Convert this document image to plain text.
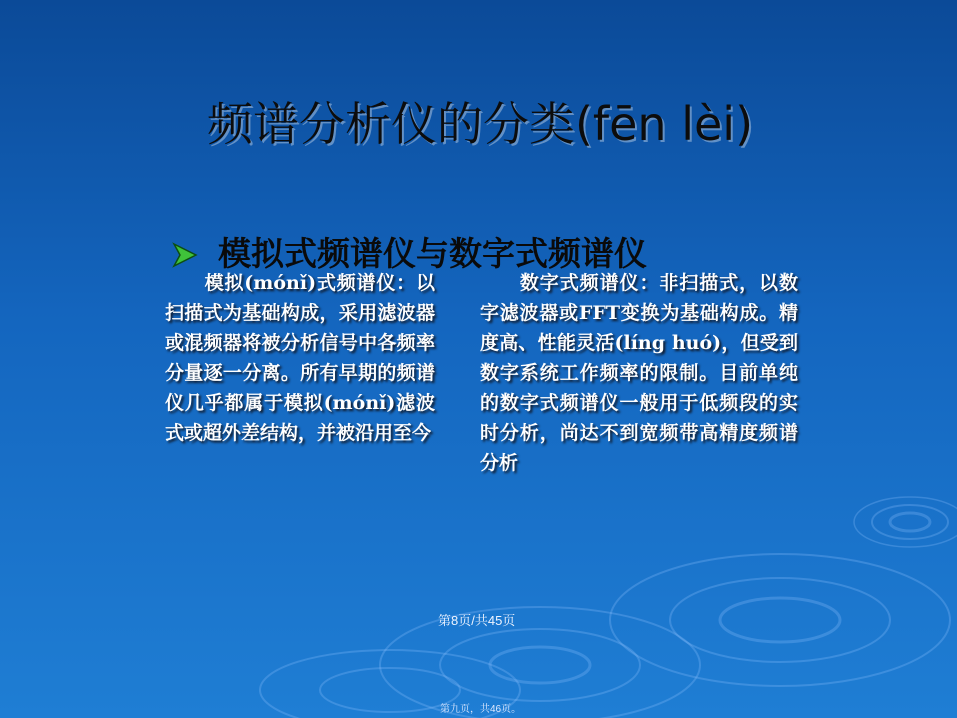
频谱分析仪的分类(fēn lèi)
模拟式频谱仪与数字式频谱仪
　　模拟(mónǐ)式频谱仪：以扫描式为基础构成，采用滤波器或混频器将被分析信号中各频率分量逐一分离。所有早期的频谱仪几乎都属于模拟(mónǐ)滤波式或超外差结构，并被沿用至今
　　数字式频谱仪：非扫描式，以数字滤波器或FFT变换为基础构成。精度高、性能灵活(líng huó)，但受到数字系统工作频率的限制。目前单纯的数字式频谱仪一般用于低频段的实时分析，尚达不到宽频带高精度频谱分析
第8页/共45页
第九页，共46页。
